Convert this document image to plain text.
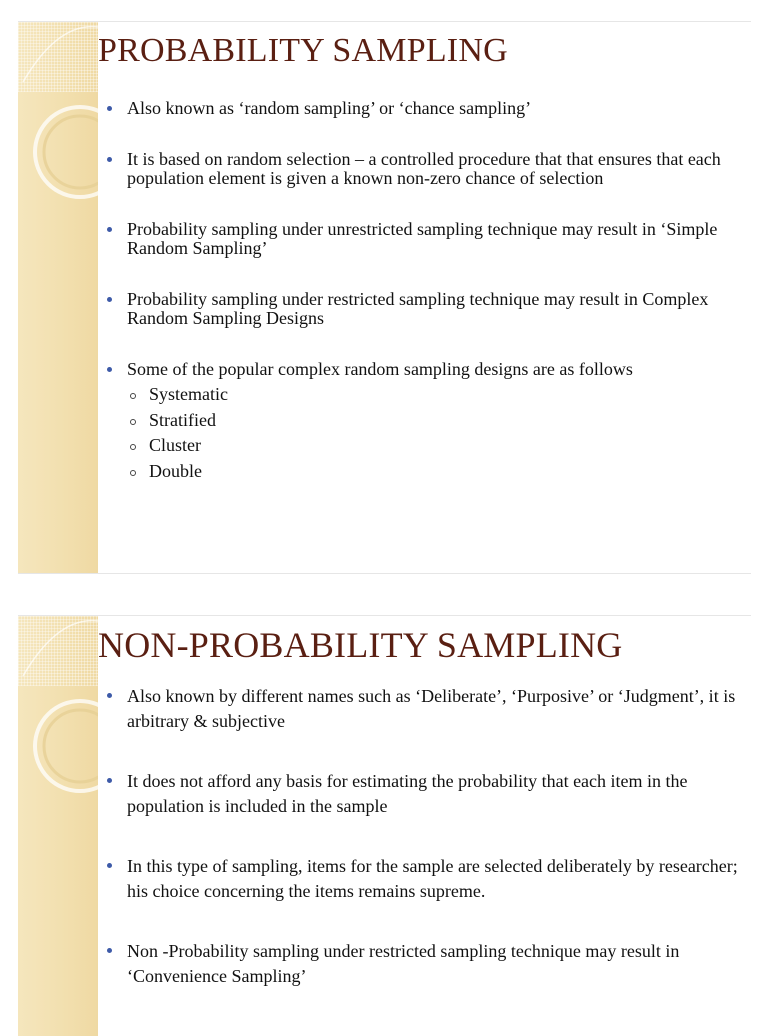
PROBABILITY SAMPLING
Also known as ‘random sampling’ or ‘chance sampling’
It is based on random selection – a controlled procedure that that ensures that each population element is given a known non-zero chance of selection
Probability sampling under unrestricted sampling technique may result in ‘Simple Random Sampling’
Probability sampling under restricted sampling technique may result in Complex Random Sampling Designs
Some of the popular complex random sampling designs are as follows
Systematic
Stratified
Cluster
Double
NON-PROBABILITY SAMPLING
Also known by different names such as ‘Deliberate’, ‘Purposive’ or ‘Judgment’, it is arbitrary & subjective
It does not afford any basis for estimating the probability that each item in the population is included in the sample
In this type of sampling, items for the sample are selected deliberately by researcher; his choice concerning the items remains supreme.
Non -Probability sampling under restricted sampling technique may result in ‘Convenience Sampling’
